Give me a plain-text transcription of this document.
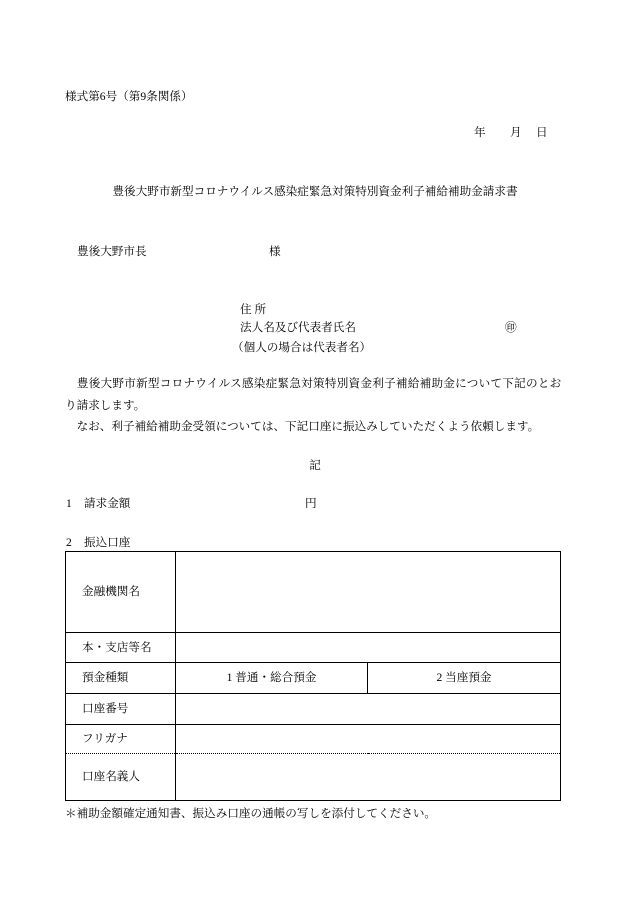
様式第6号（第9条関係）
年 月 日
豊後大野市新型コロナウイルス感染症緊急対策特別資金利子補給補助金請求書
豊後大野市長	様
住 所
法人名及び代表者氏名	㊞
（個人の場合は代表者名）
　豊後大野市新型コロナウイルス感染症緊急対策特別資金利子補給補助金について下記のとお
り請求します。
　なお、利子補給補助金受領については、下記口座に振込みしていただくよう依頼します。
記
1 請求金額	円
2 振込口座
金融機関名		
本・支店等名		
預金種類	1 普通・総合預金	2 当座預金
口座番号		
フリガナ		
口座名義人		
＊補助金額確定通知書、振込み口座の通帳の写しを添付してください。
